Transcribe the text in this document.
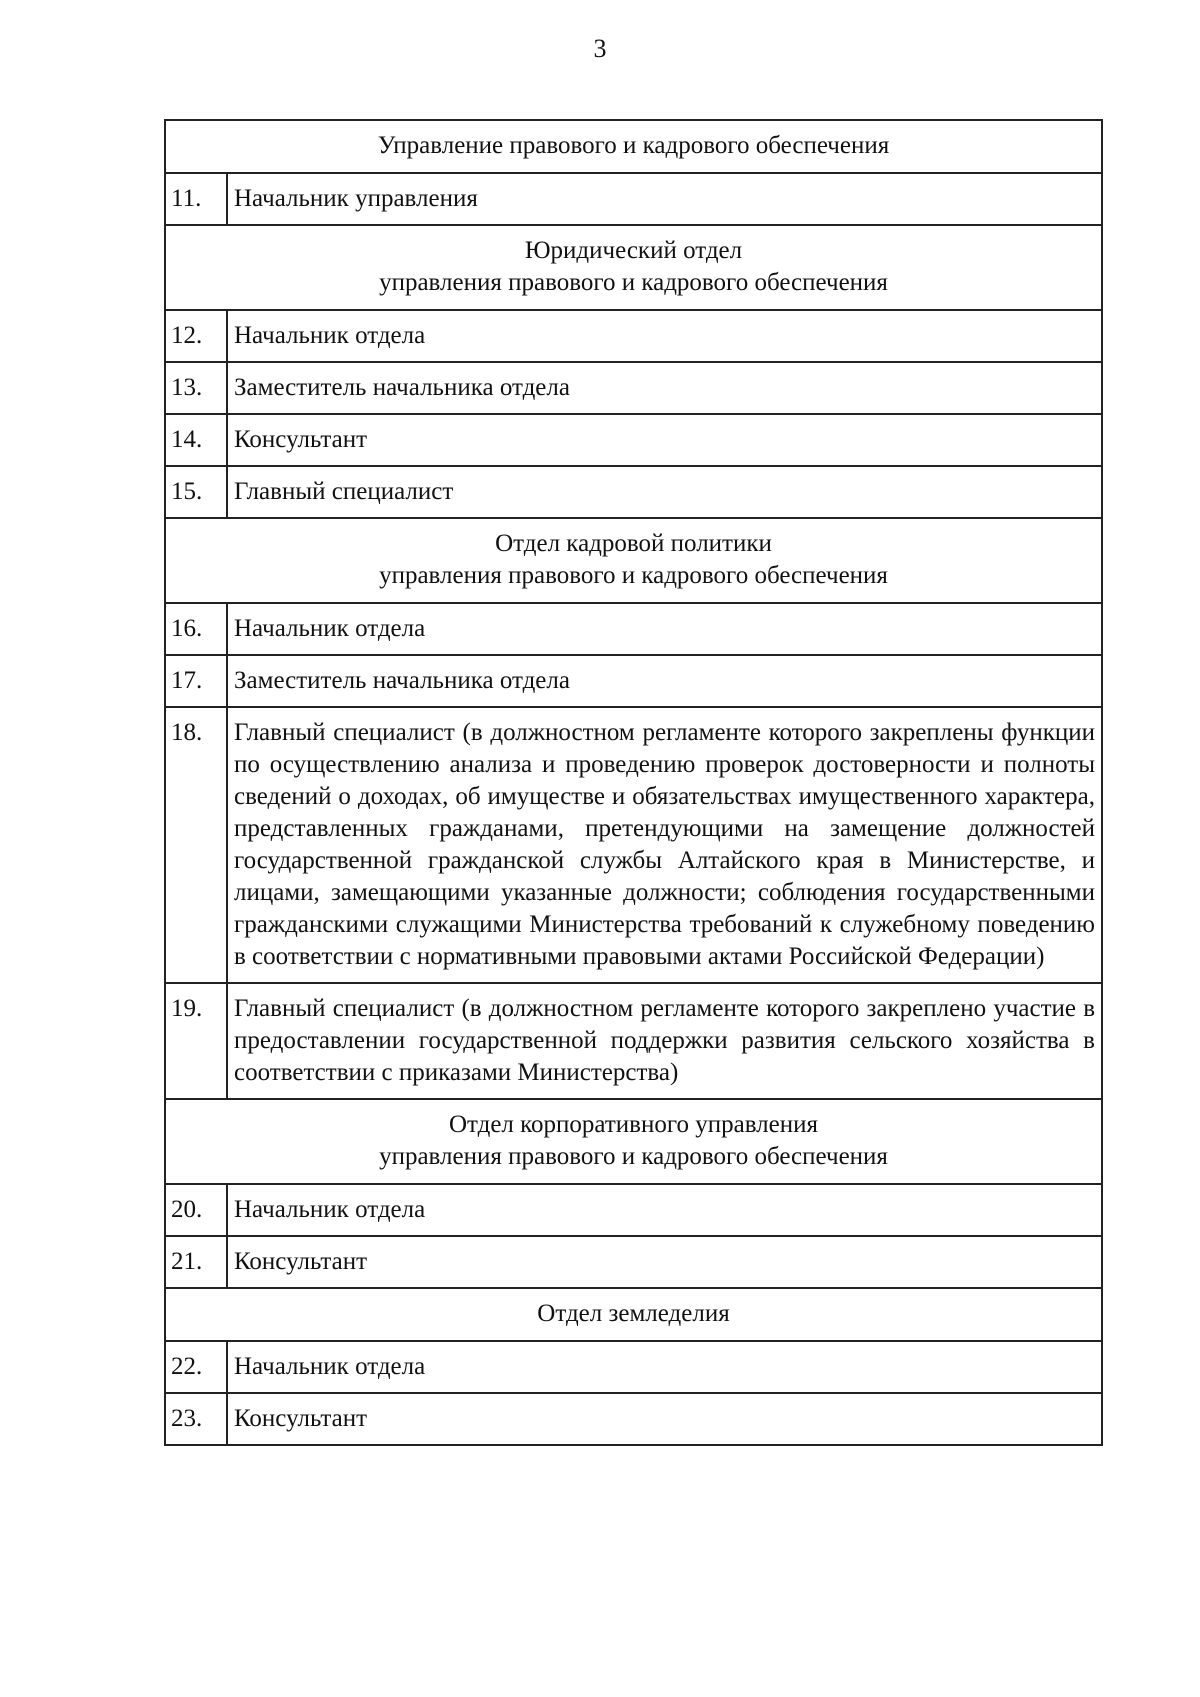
3
Управление правового и кадрового обеспечения	

11.	Начальник управления

Юридический отдел
управления правового и кадрового обеспечения	

12.	Начальник отдела
13.	Заместитель начальника отдела
14.	Консультант
15.	Главный специалист

Отдел кадровой политики
управления правового и кадрового обеспечения	

16.	Начальник отдела
17.	Заместитель начальника отдела
18.	Главный специалист (в должностном регламенте которого закреплены функции по осуществлению анализа и проведению проверок достоверности и полноты сведений о доходах, об имуществе и обязательствах имущественного характера, представленных гражданами, претендующими на замещение должностей государственной гражданской службы Алтайского края в Министерстве, и лицами, замещающими указанные должности; соблюдения государственными гражданскими служащими Министерства требований к служебному поведению в соответствии с нормативными правовыми актами Российской Федерации)
19.	Главный специалист (в должностном регламенте которого закреплено участие в предоставлении государственной поддержки развития сельского хозяйства в соответствии с приказами Министерства)

Отдел корпоративного управления
управления правового и кадрового обеспечения	

20.	Начальник отдела
21.	Консультант

Отдел земледелия	

22.	Начальник отдела
23.	Консультант
